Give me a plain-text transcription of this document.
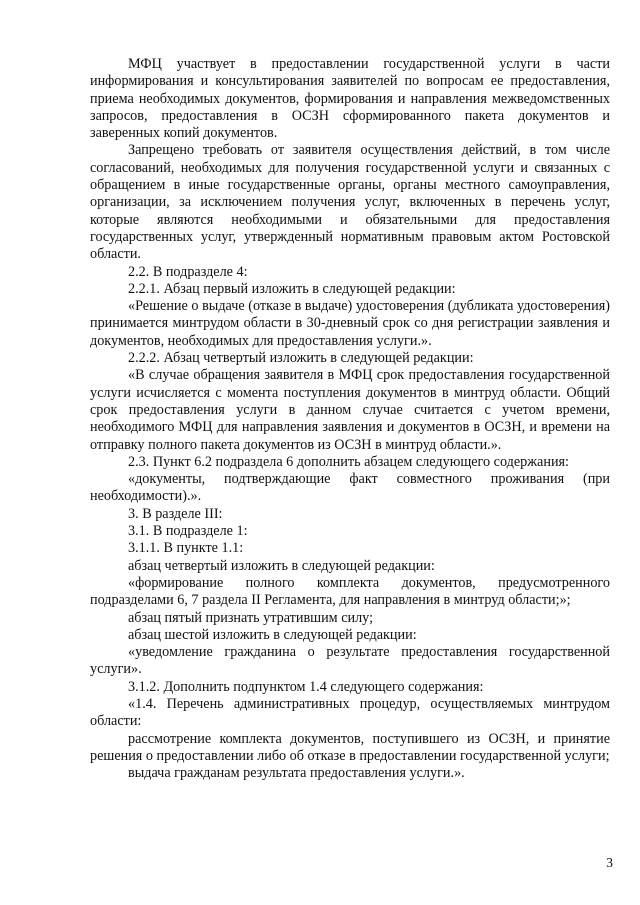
МФЦ участвует в предоставлении государственной услуги в части информирования и консультирования заявителей по вопросам ее предоставления, приема необходимых документов, формирования и направления межведомственных запросов, предоставления в ОСЗН сформированного пакета документов и заверенных копий документов.

Запрещено требовать от заявителя осуществления действий, в том числе согласований, необходимых для получения государственной услуги и связанных с обращением в иные государственные органы, органы местного самоуправления, организации, за исключением получения услуг, включенных в перечень услуг, которые являются необходимыми и обязательными для предоставления государственных услуг, утвержденный нормативным правовым актом Ростовской области.

2.2. В подразделе 4:

2.2.1. Абзац первый изложить в следующей редакции:

«Решение о выдаче (отказе в выдаче) удостоверения (дубликата удостоверения) принимается минтрудом области в 30-дневный срок со дня регистрации заявления и документов, необходимых для предоставления услуги.».

2.2.2. Абзац четвертый изложить в следующей редакции:

«В случае обращения заявителя в МФЦ срок предоставления государственной услуги исчисляется с момента поступления документов в минтруд области. Общий срок предоставления услуги в данном случае считается с учетом времени, необходимого МФЦ для направления заявления и документов в ОСЗН, и времени на отправку полного пакета документов из ОСЗН в минтруд области.».

2.3. Пункт 6.2 подраздела 6 дополнить абзацем следующего содержания:

«документы, подтверждающие факт совместного проживания (при необходимости).».

3. В разделе III:

3.1. В подразделе 1:

3.1.1. В пункте 1.1:

абзац четвертый изложить в следующей редакции:

«формирование полного комплекта документов, предусмотренного подразделами 6, 7 раздела II Регламента, для направления в минтруд области;»;

абзац пятый признать утратившим силу;

абзац шестой изложить в следующей редакции:

«уведомление гражданина о результате предоставления государственной услуги».

3.1.2. Дополнить подпунктом 1.4 следующего содержания:

«1.4. Перечень административных процедур, осуществляемых минтрудом области:

рассмотрение комплекта документов, поступившего из ОСЗН, и принятие решения о предоставлении либо об отказе в предоставлении государственной услуги;

выдача гражданам результата предоставления услуги.».

3
